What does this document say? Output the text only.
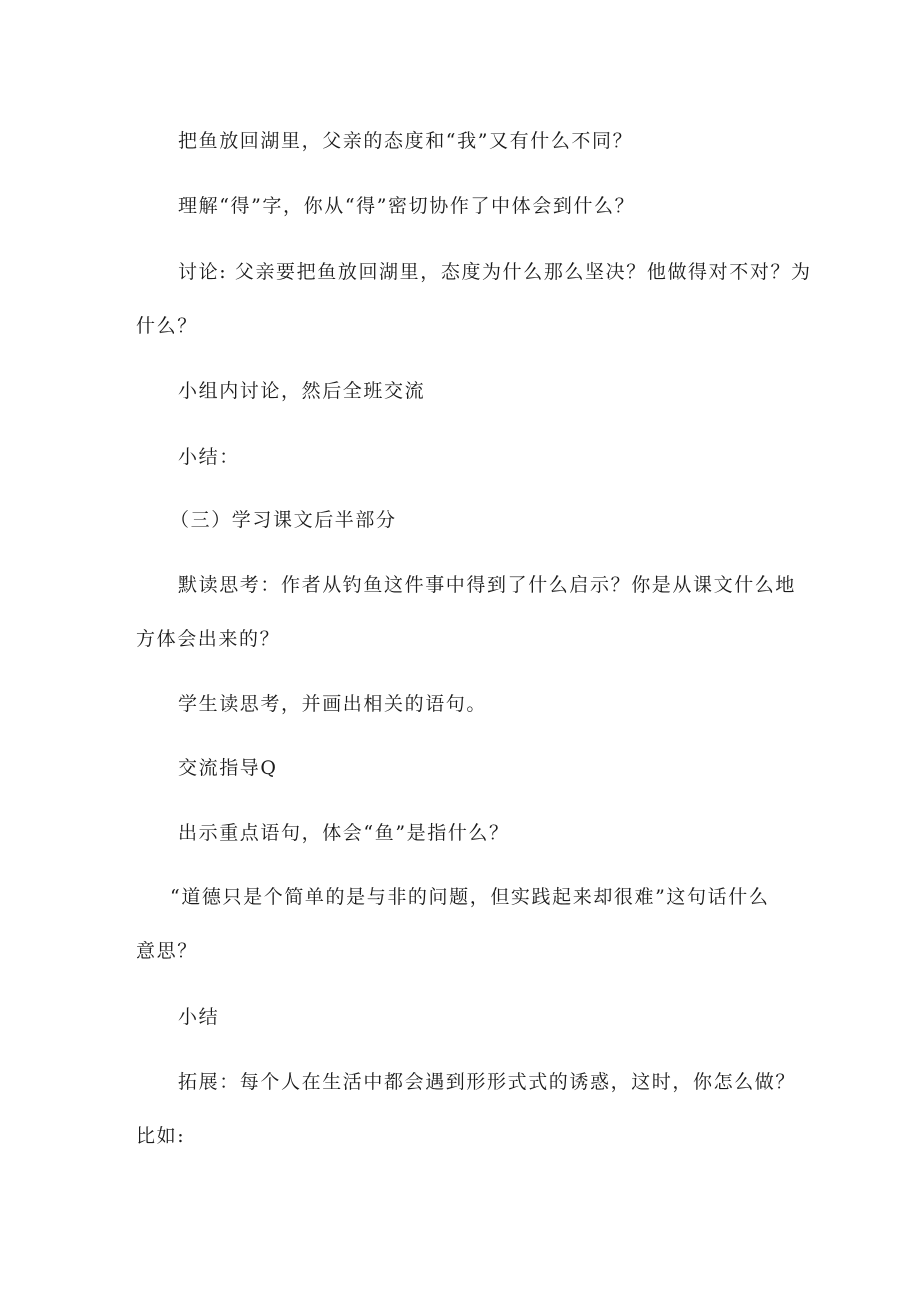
把鱼放回湖里，父亲的态度和“我”又有什么不同？
理解“得”字，你从“得”密切协作了中体会到什么？
讨论: 父亲要把鱼放回湖里，态度为什么那么坚决？他做得对不对？为
什么？
小组内讨论，然后全班交流
小结：
（三）学习课文后半部分
默读思考：作者从钓鱼这件事中得到了什么启示？你是从课文什么地
方体会出来的？
学生读思考，并画出相关的语句。
交流指导Q
出示重点语句，体会“鱼”是指什么？
“道德只是个简单的是与非的问题，但实践起来却很难”这句话什么
意思？
小结
拓展：每个人在生活中都会遇到形形式式的诱惑，这时，你怎么做？
比如:
